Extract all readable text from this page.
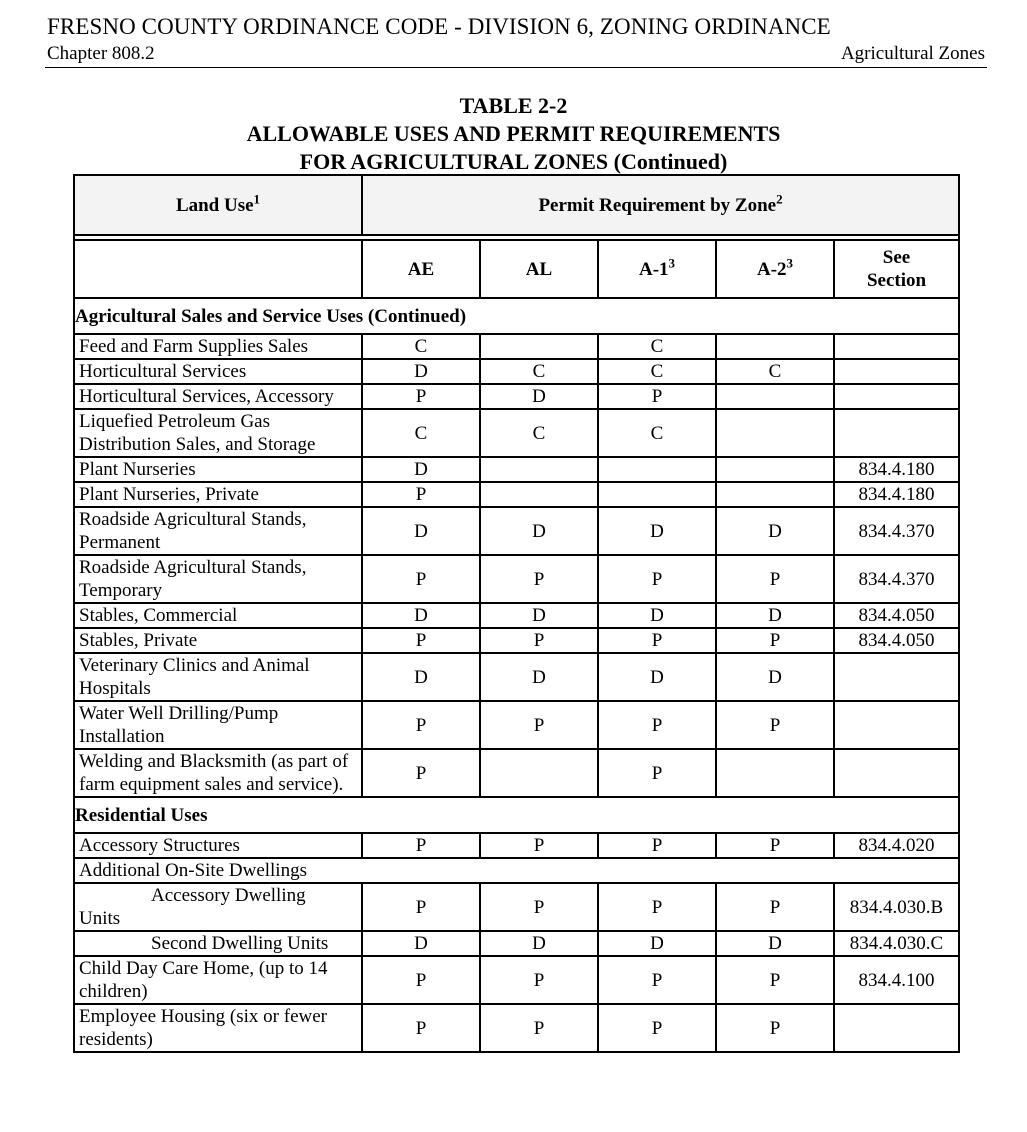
FRESNO COUNTY ORDINANCE CODE - DIVISION 6, ZONING ORDINANCE
Chapter 808.2	Agricultural Zones
TABLE 2-2
ALLOWABLE USES AND PERMIT REQUIREMENTS
FOR AGRICULTURAL ZONES (Continued)
Land Use$^1$	Permit Requirement by Zone$^2$

	AE	AL	$A-1^3$	$A-2^3$	See
Section
Agricultural Sales and Service Uses (Continued)					
Feed and Farm Supplies Sales	C		C		
Horticultural Services	D	C	C	C	
Horticultural Services, Accessory	P	D	P		
Liquefied Petroleum Gas Distribution Sales, and Storage	C	C	C		
Plant Nurseries	D				834.4.180
Plant Nurseries, Private	P				834.4.180
Roadside Agricultural Stands, Permanent	D	D	D	D	834.4.370
Roadside Agricultural Stands, Temporary	P	P	P	P	834.4.370
Stables, Commercial	D	D	D	D	834.4.050
Stables, Private	P	P	P	P	834.4.050
Veterinary Clinics and Animal Hospitals	D	D	D	D	
Water Well Drilling/Pump Installation	P	P	P	P	
Welding and Blacksmith (as part of farm equipment sales and service).	P		P		
Residential Uses					
Accessory Structures	P	P	P	P	834.4.020
Additional On-Site Dwellings					
Accessory Dwelling
Units	P	P	P	P	834.4.030.B
Second Dwelling Units	D	D	D	D	834.4.030.C
Child Day Care Home, (up to 14 children)	P	P	P	P	834.4.100
Employee Housing (six or fewer residents)	P	P	P	P	
